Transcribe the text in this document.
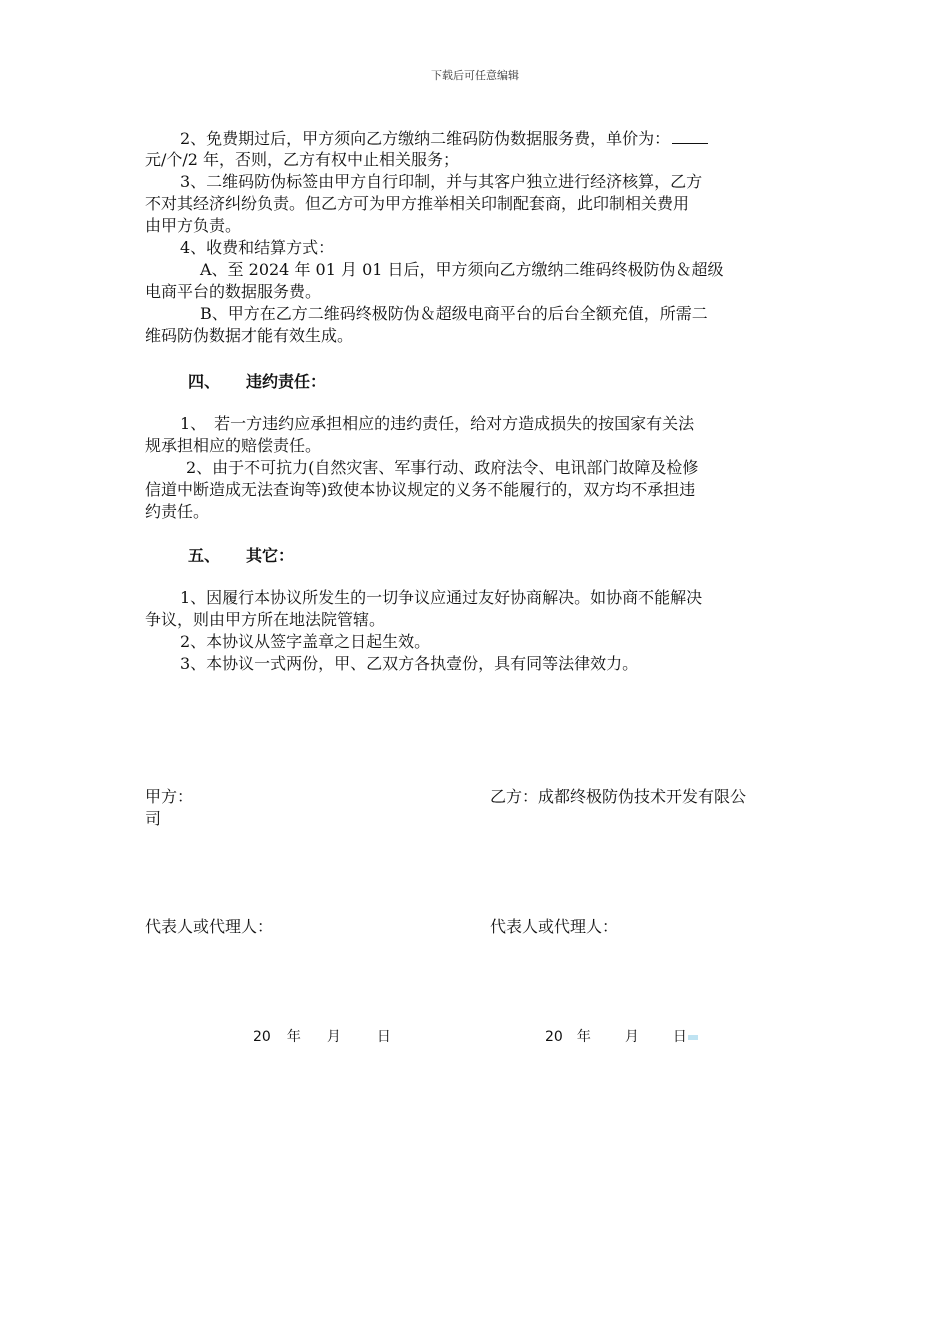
下载后可任意编辑
2、免费期过后，甲方须向乙方缴纳二维码防伪数据服务费，单价为：
元/个/2 年，否则，乙方有权中止相关服务；
3、二维码防伪标签由甲方自行印制，并与其客户独立进行经济核算，乙方
不对其经济纠纷负责。但乙方可为甲方推举相关印制配套商，此印制相关费用
由甲方负责。
4、收费和结算方式：
A、至 2024 年 01 月 01 日后，甲方须向乙方缴纳二维码终极防伪＆超级
电商平台的数据服务费。
B、甲方在乙方二维码终极防伪＆超级电商平台的后台全额充值，所需二
维码防伪数据才能有效生成。
四、 违约责任：
1、　若一方违约应承担相应的违约责任，给对方造成损失的按国家有关法
规承担相应的赔偿责任。
2、由于不可抗力(自然灾害、军事行动、政府法令、电讯部门故障及检修
信道中断造成无法查询等)致使本协议规定的义务不能履行的，双方均不承担违
约责任。
五、 其它：
1、因履行本协议所发生的一切争议应通过友好协商解决。如协商不能解决
争议，则由甲方所在地法院管辖。
2、本协议从签字盖章之日起生效。
3、本协议一式两份，甲、乙双方各执壹份，具有同等法律效力。
甲方：	乙方：成都终极防伪技术开发有限公
司
代表人或代理人：	代表人或代理人：
20 年 月	日	20 年 月 日
